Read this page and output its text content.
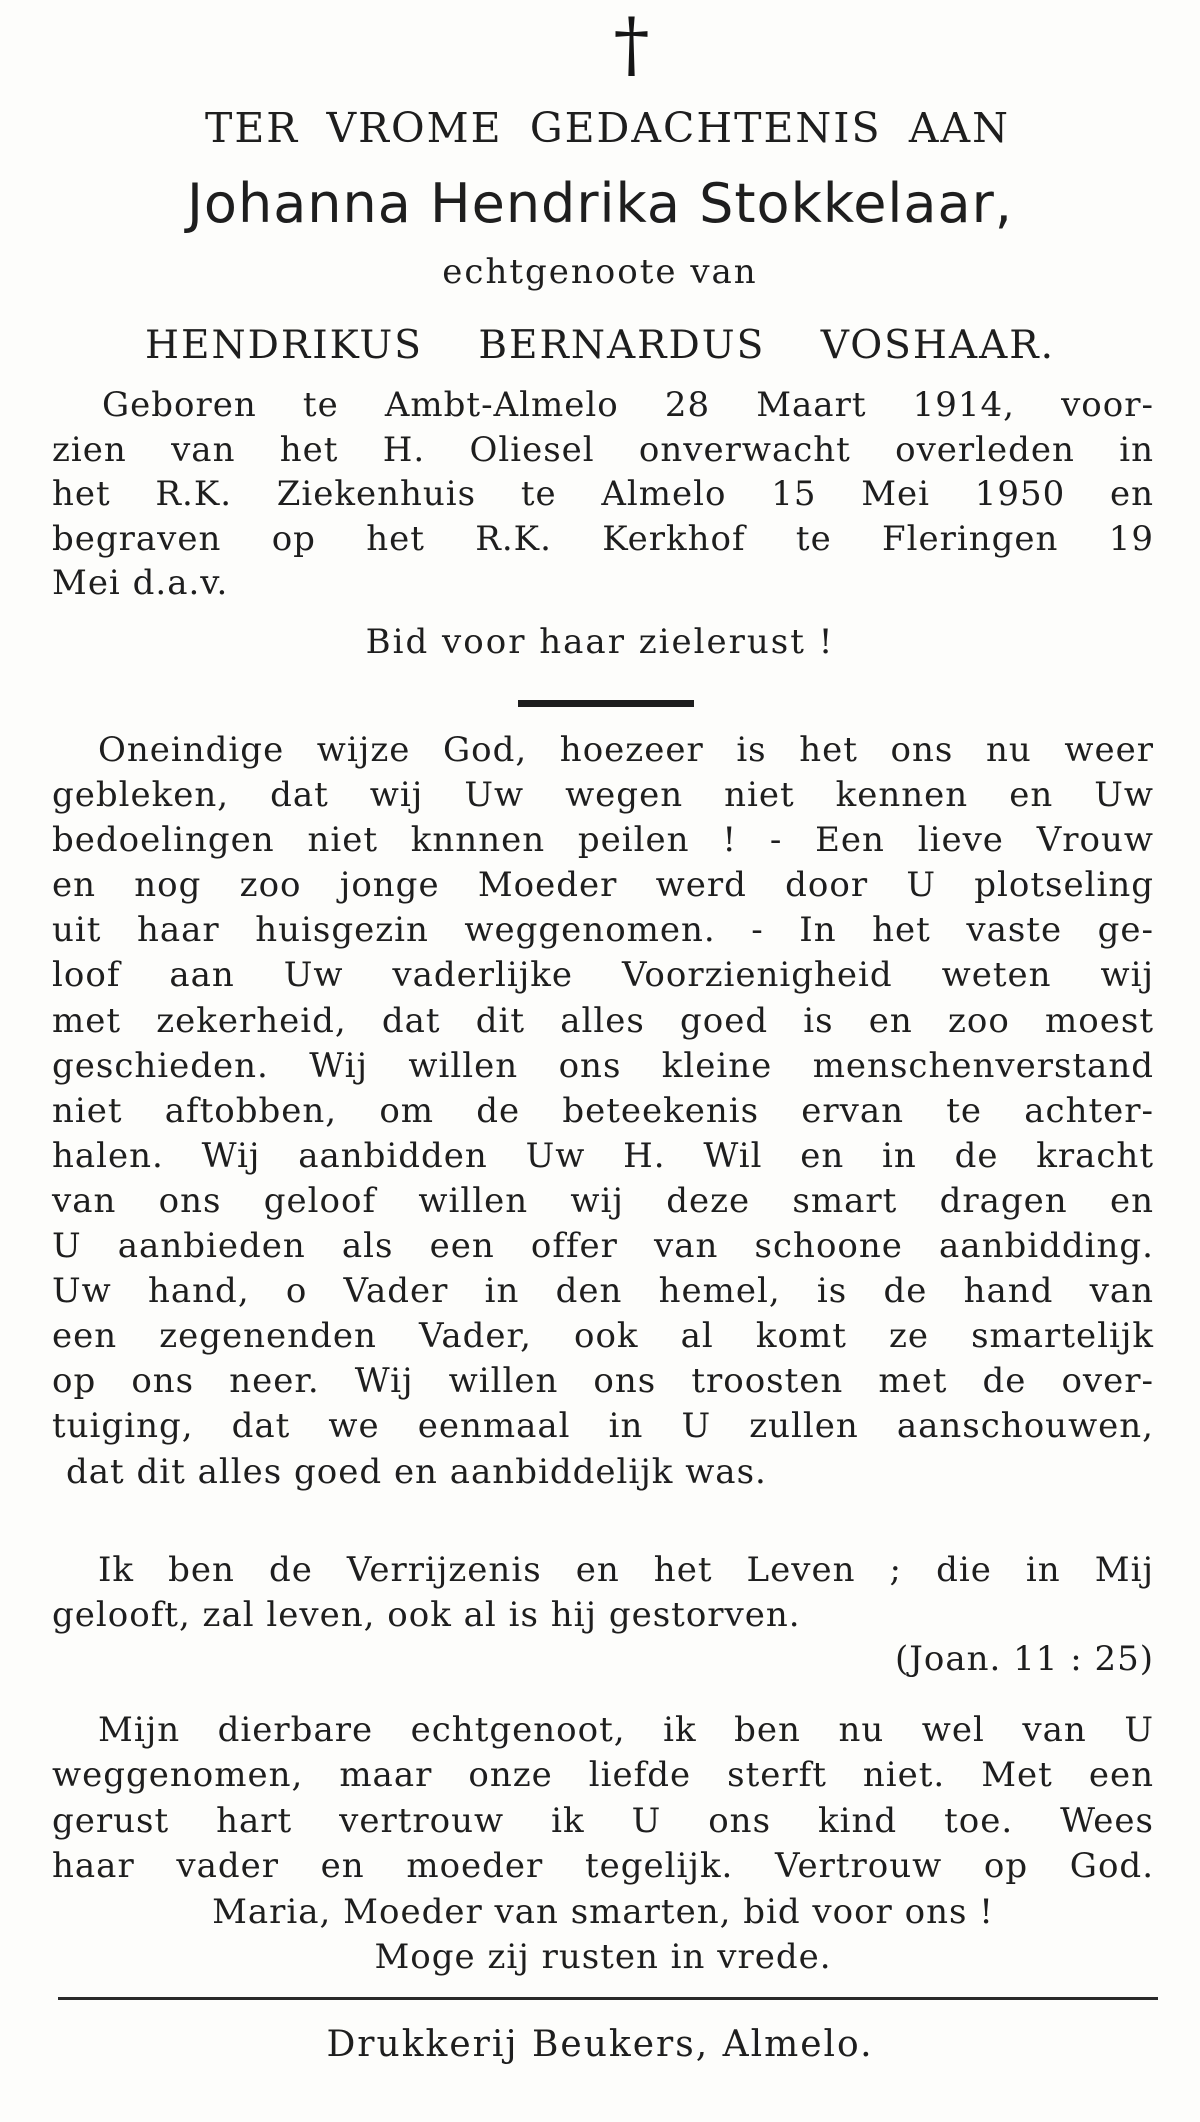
†
TER VROME GEDACHTENIS AAN
Johanna Hendrika Stokkelaar,
echtgenoote van
HENDRIKUS BERNARDUS VOSHAAR.
Geboren te Ambt-Almelo 28 Maart 1914, voor-
zien van het H. Oliesel onverwacht overleden in
het R.K. Ziekenhuis te Almelo 15 Mei 1950 en
begraven op het R.K. Kerkhof te Fleringen 19
Mei d.a.v.
Bid voor haar zielerust !
Oneindige wijze God, hoezeer is het ons nu weer
gebleken, dat wij Uw wegen niet kennen en Uw
bedoelingen niet knnnen peilen ! - Een lieve Vrouw
en nog zoo jonge Moeder werd door U plotseling
uit haar huisgezin weggenomen. - In het vaste ge-
loof aan Uw vaderlijke Voorzienigheid weten wij
met zekerheid, dat dit alles goed is en zoo moest
geschieden. Wij willen ons kleine menschenverstand
niet aftobben, om de beteekenis ervan te achter-
halen. Wij aanbidden Uw H. Wil en in de kracht
van ons geloof willen wij deze smart dragen en
U aanbieden als een offer van schoone aanbidding.
Uw hand, o Vader in den hemel, is de hand van
een zegenenden Vader, ook al komt ze smartelijk
op ons neer. Wij willen ons troosten met de over-
tuiging, dat we eenmaal in U zullen aanschouwen,
dat dit alles goed en aanbiddelijk was.
Ik ben de Verrijzenis en het Leven ; die in Mij
gelooft, zal leven, ook al is hij gestorven.
(Joan. 11 : 25)
Mijn dierbare echtgenoot, ik ben nu wel van U
weggenomen, maar onze liefde sterft niet. Met een
gerust hart vertrouw ik U ons kind toe. Wees
haar vader en moeder tegelijk. Vertrouw op God.
Maria, Moeder van smarten, bid voor ons !
Moge zij rusten in vrede.
Drukkerij Beukers, Almelo.
